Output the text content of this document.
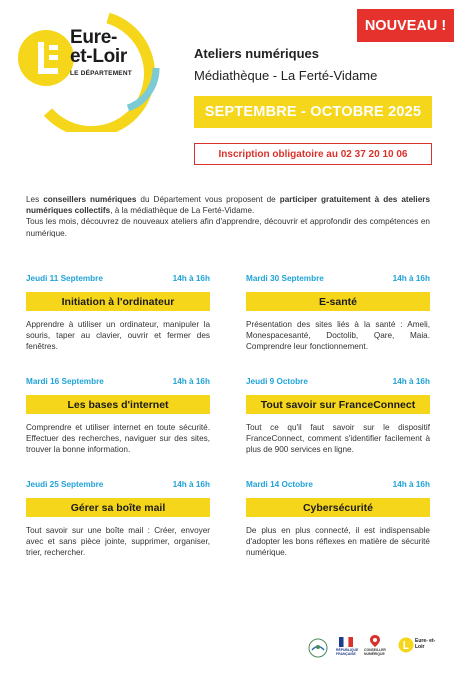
Eure-
et-Loir
LE DÉPARTEMENT
NOUVEAU !
Ateliers numériques
Médiathèque - La Ferté-Vidame
SEPTEMBRE - OCTOBRE 2025
Inscription obligatoire au 02 37 20 10 06
Les conseillers numériques du Département vous proposent de participer gratuitement à des ateliers numériques collectifs, à la médiathèque de La Ferté-Vidame.
Tous les mois, découvrez de nouveaux ateliers afin d'apprendre, découvrir et approfondir des compétences en numérique.
Jeudi 11 Septembre	14h à 16h
Initiation à l'ordinateur
Apprendre à utiliser un ordinateur, manipuler la souris, taper au clavier, ouvrir et fermer des fenêtres.
Mardi 30 Septembre	14h à 16h
E-santé
Présentation des sites liés à la santé : Ameli, Monespacesanté, Doctolib, Qare, Maia. Comprendre leur fonctionnement.
Mardi 16 Septembre	14h à 16h
Les bases d'internet
Comprendre et utiliser internet en toute sécurité. Effectuer des recherches, naviguer sur des sites, trouver la bonne information.
Jeudi 9 Octobre	14h à 16h
Tout savoir sur FranceConnect
Tout ce qu'il faut savoir sur le dispositif FranceConnect, comment s'identifier facilement à plus de 900 services en ligne.
Jeudi 25 Septembre	14h à 16h
Gérer sa boîte mail
Tout savoir sur une boîte mail : Créer, envoyer avec et sans pièce jointe, supprimer, organiser, trier, rechercher.
Mardi 14 Octobre	14h à 16h
Cybersécurité
De plus en plus connecté, il est indispensable d'adopter les bons réflexes en matière de sécurité numérique.
RÉPUBLIQUE FRANÇAISE
CONSEILLER NUMÉRIQUE
Eure- et-Loir
